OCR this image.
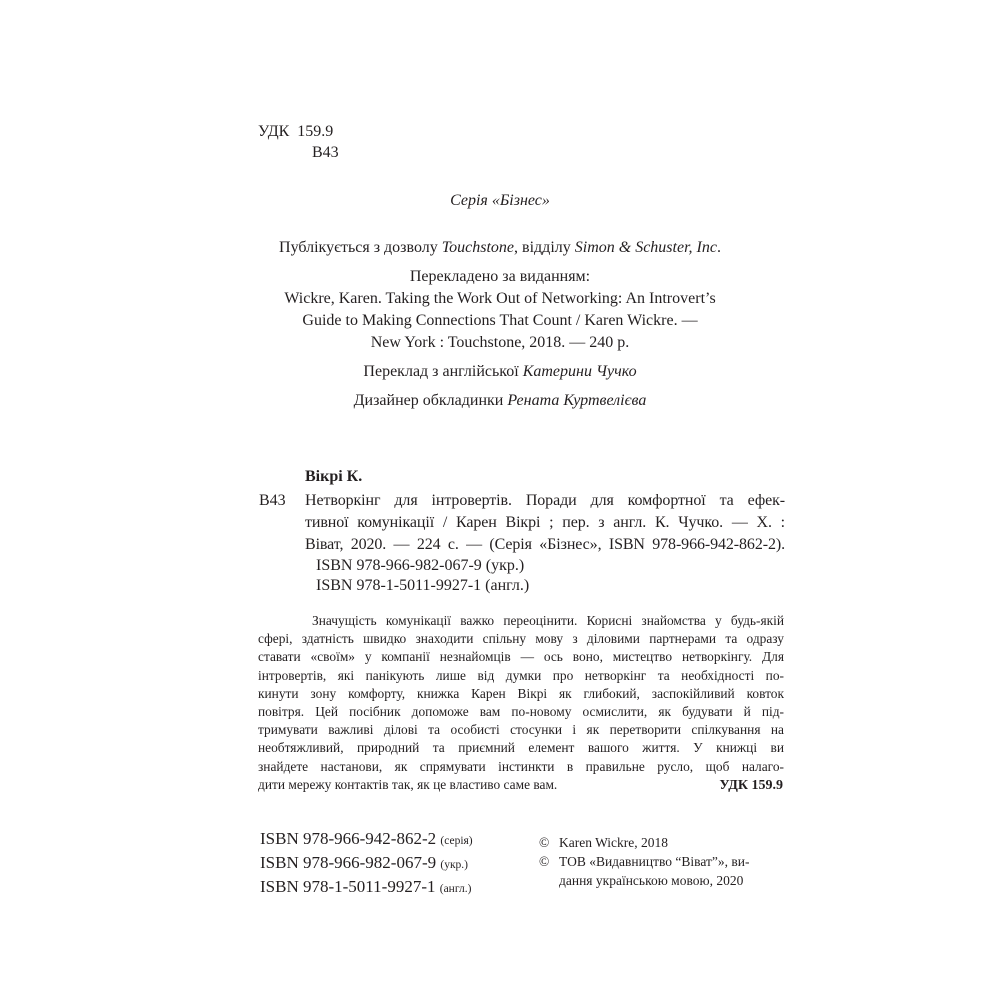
УДК 159.9
В43
Серія «Бізнес»
Публікується з дозволу Touchstone, відділу Simon & Schuster, Inc.
Перекладено за виданням:
Wickre, Karen. Taking the Work Out of Networking: An Introvert’s
Guide to Making Connections That Count / Karen Wickre. —
New York : Touchstone, 2018. — 240 p.
Переклад з англійської Катерини Чучко
Дизайнер обкладинки Рената Куртвелієва
Вікрі К.
В43 Нетворкінг для інтровертів. Поради для комфортної та ефек-
тивної комунікації / Карен Вікрі ; пер. з англ. К. Чучко. — Х. :
Віват, 2020. — 224 с. — (Серія «Бізнес», ISBN 978-966-942-862-2).
ISBN 978-966-982-067-9 (укр.)
ISBN 978-1-5011-9927-1 (англ.)
Значущість комунікації важко переоцінити. Корисні знайомства у будь-якій
сфері, здатність швидко знаходити спільну мову з діловими партнерами та одразу
ставати «своїм» у компанії незнайомців — ось воно, мистецтво нетворкінгу. Для
інтровертів, які панікують лише від думки про нетворкінг та необхідності по-
кинути зону комфорту, книжка Карен Вікрі як глибокий, заспокійливий ковток
повітря. Цей посібник допоможе вам по-новому осмислити, як будувати й під-
тримувати важливі ділові та особисті стосунки і як перетворити спілкування на
необтяжливий, природний та приємний елемент вашого життя. У книжці ви
знайдете настанови, як спрямувати інстинкти в правильне русло, щоб налаго-
дити мережу контактів так, як це властиво саме вам.	УДК 159.9
ISBN 978-966-942-862-2 (серія)
ISBN 978-966-982-067-9 (укр.)
ISBN 978-1-5011-9927-1 (англ.)
© Karen Wickre, 2018
© ТОВ «Видавництво “Віват”», ви-
дання українською мовою, 2020
